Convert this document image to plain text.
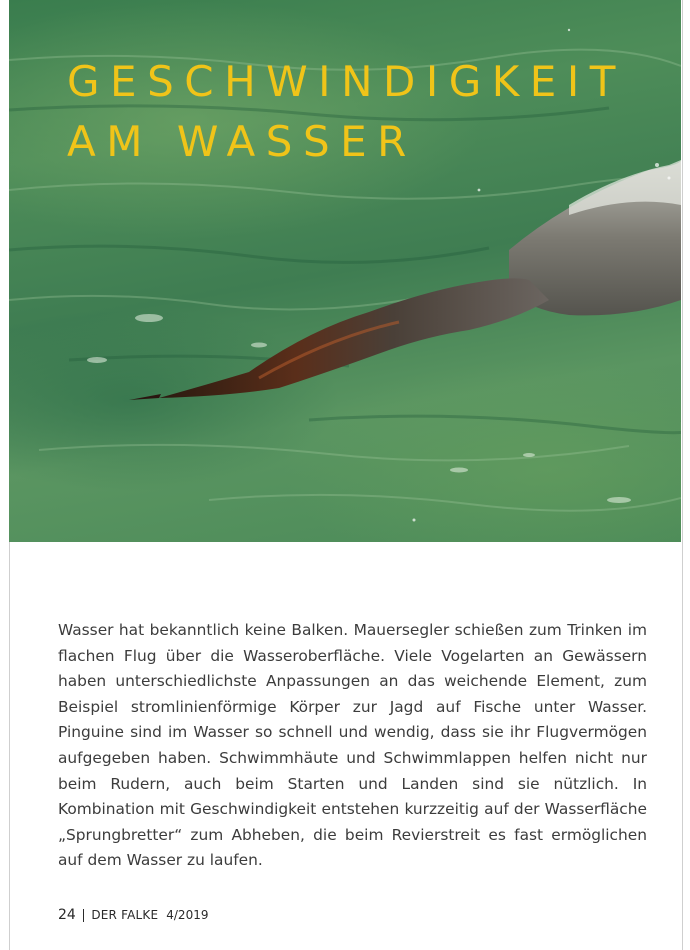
GESCHWINDIGKEIT
AM WASSER

Wasser hat bekanntlich keine Balken. Mauersegler schießen zum Trinken im flachen Flug über die Wasseroberfläche. Viele Vogelarten an Gewässern haben unterschiedlichste Anpassungen an das weichende Element, zum Beispiel stromlinienförmige Körper zur Jagd auf Fische unter Wasser. Pinguine sind im Wasser so schnell und wendig, dass sie ihr Flugvermögen aufgegeben haben. Schwimmhäute und Schwimmlappen helfen nicht nur beim Rudern, auch beim Starten und Landen sind sie nützlich. In Kombination mit Geschwindigkeit entstehen kurzzeitig auf der Wasserfläche „Sprungbretter“ zum Abheben, die beim Revierstreit es fast ermöglichen auf dem Wasser zu laufen.

24 DER FALKE 4/2019
